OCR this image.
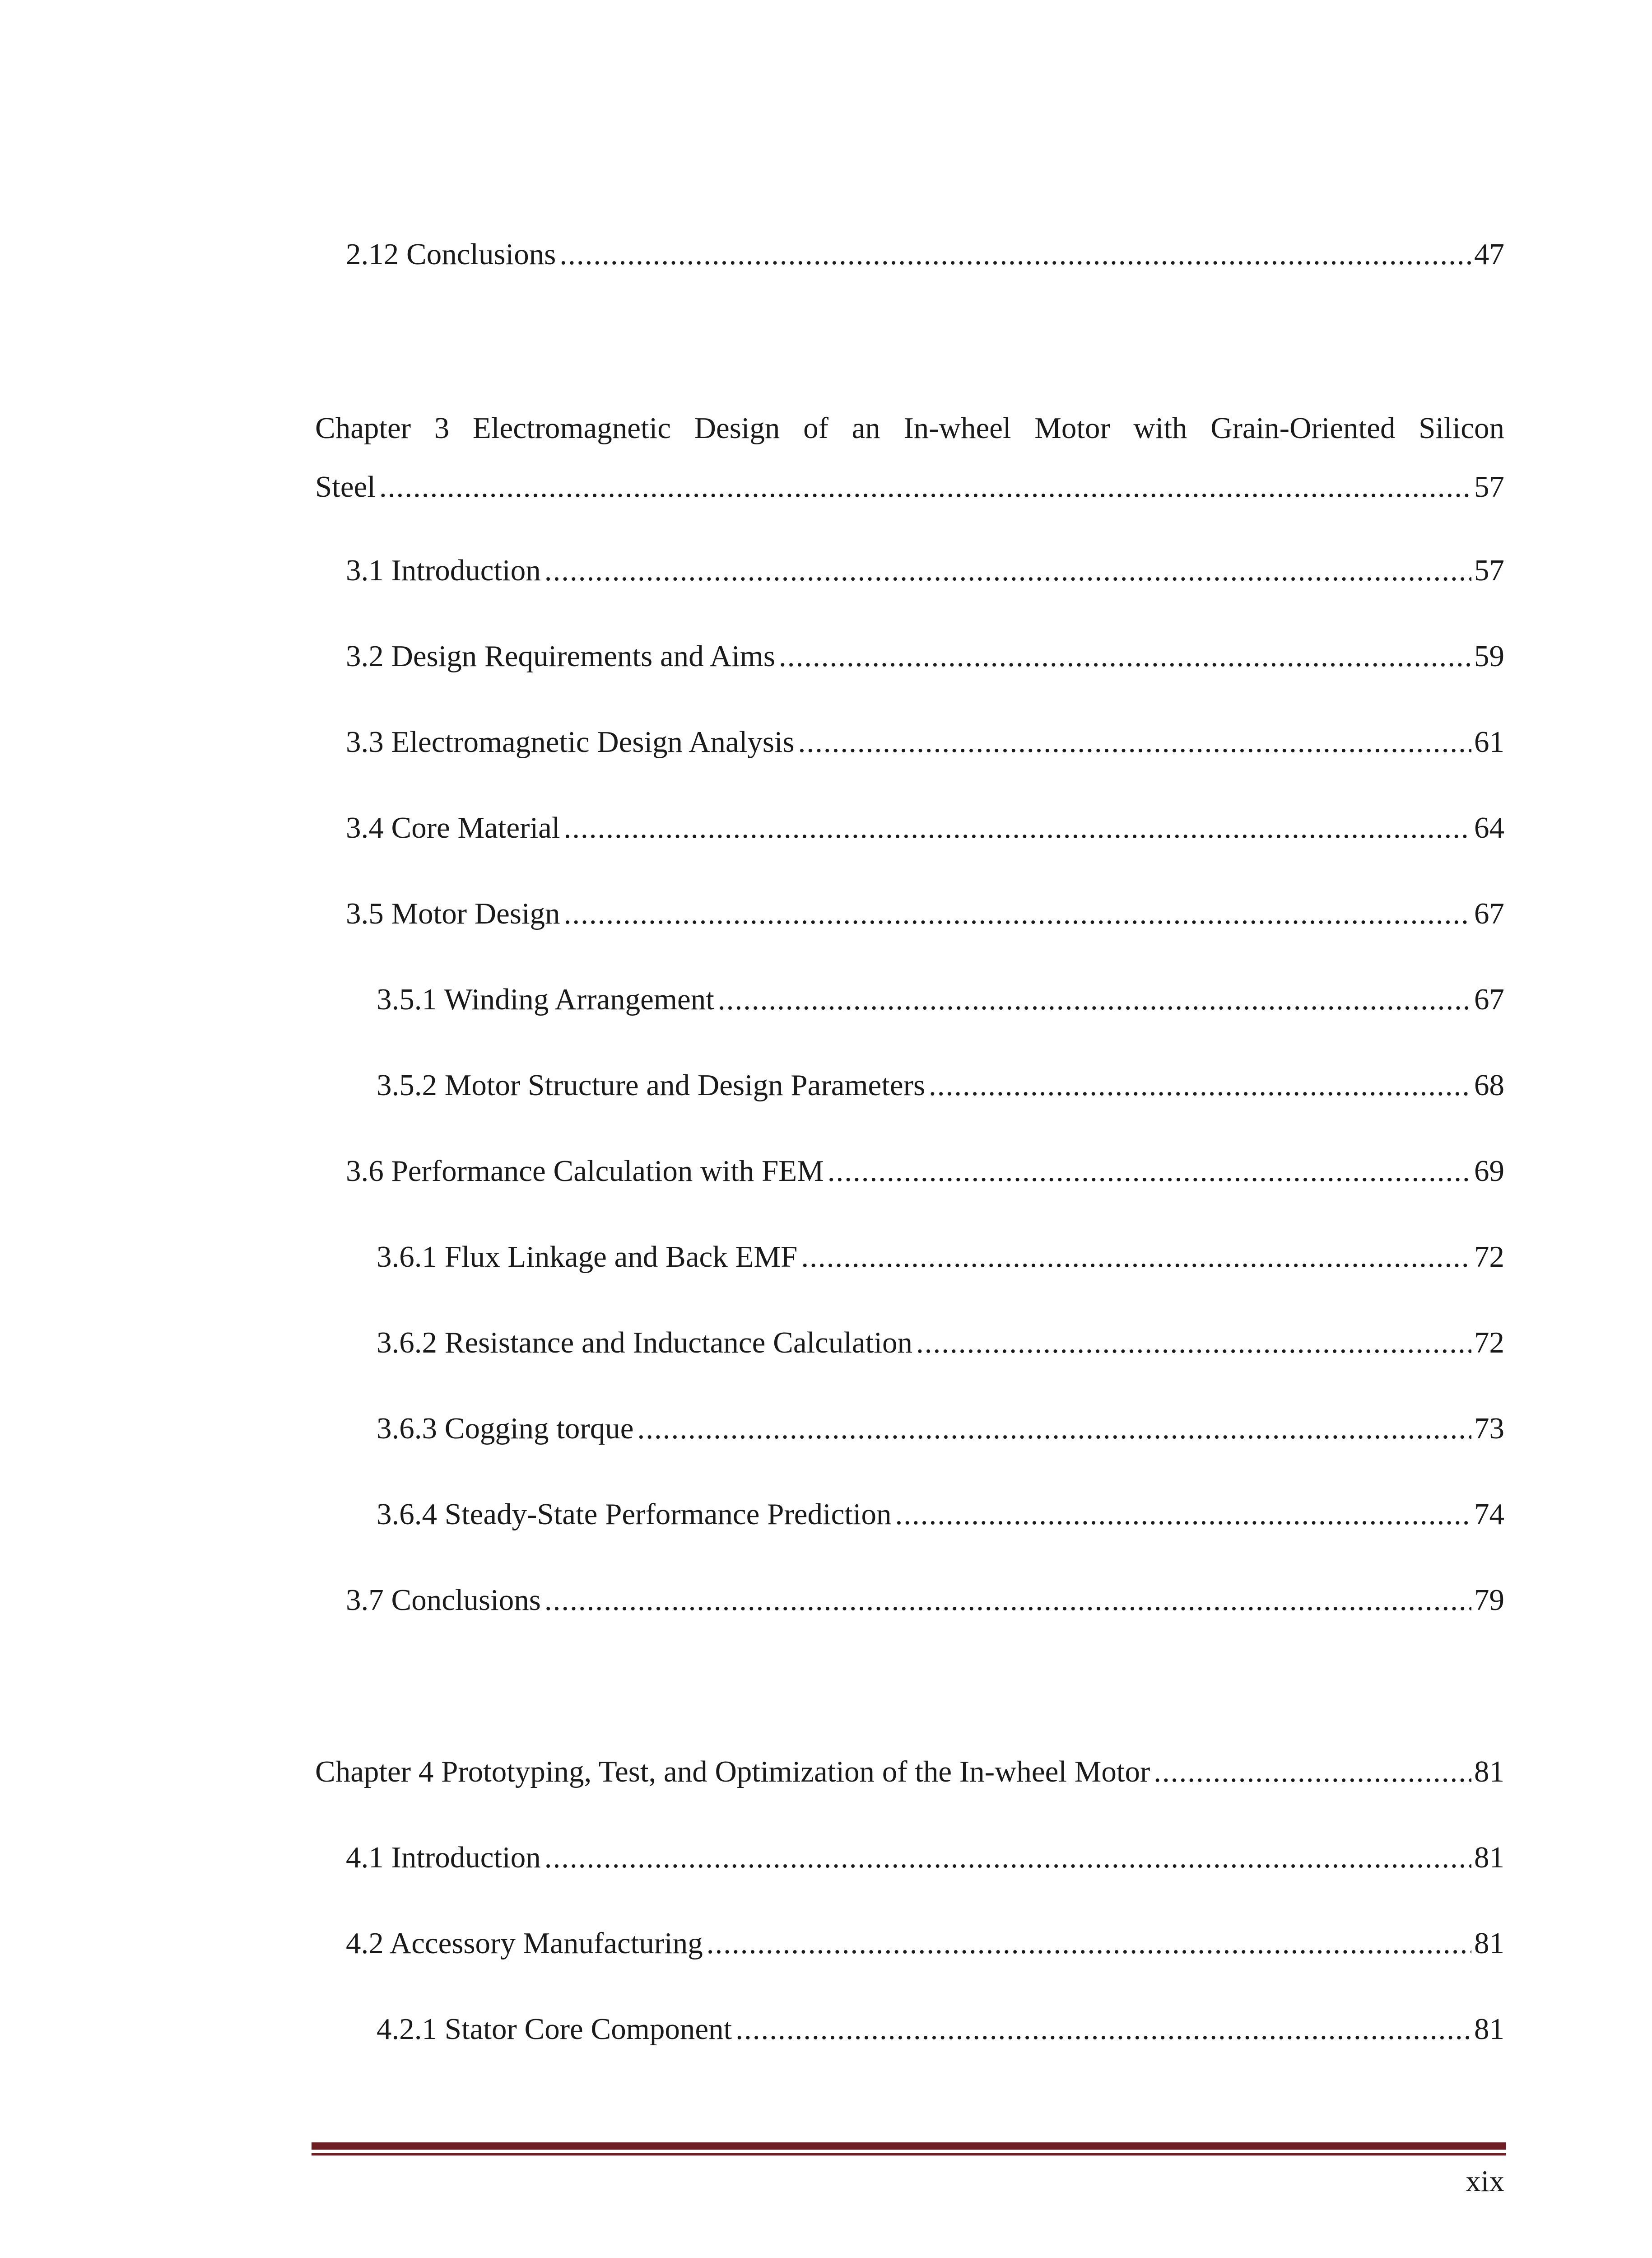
2.12 Conclusions .....	47
Chapter 3 Electromagnetic Design of an In-wheel Motor with Grain-Oriented Silicon
Steel .....	57
3.1 Introduction .....	57
3.2 Design Requirements and Aims .....	59
3.3 Electromagnetic Design Analysis .....	61
3.4 Core Material .....	64
3.5 Motor Design .....	67
3.5.1 Winding Arrangement .....	67
3.5.2 Motor Structure and Design Parameters .....	68
3.6 Performance Calculation with FEM .....	69
3.6.1 Flux Linkage and Back EMF .....	72
3.6.2 Resistance and Inductance Calculation .....	72
3.6.3 Cogging torque .....	73
3.6.4 Steady-State Performance Prediction .....	74
3.7 Conclusions .....	79
Chapter 4 Prototyping, Test, and Optimization of the In-wheel Motor .....	81
4.1 Introduction .....	81
4.2 Accessory Manufacturing .....	81
4.2.1 Stator Core Component .....	81
xix
